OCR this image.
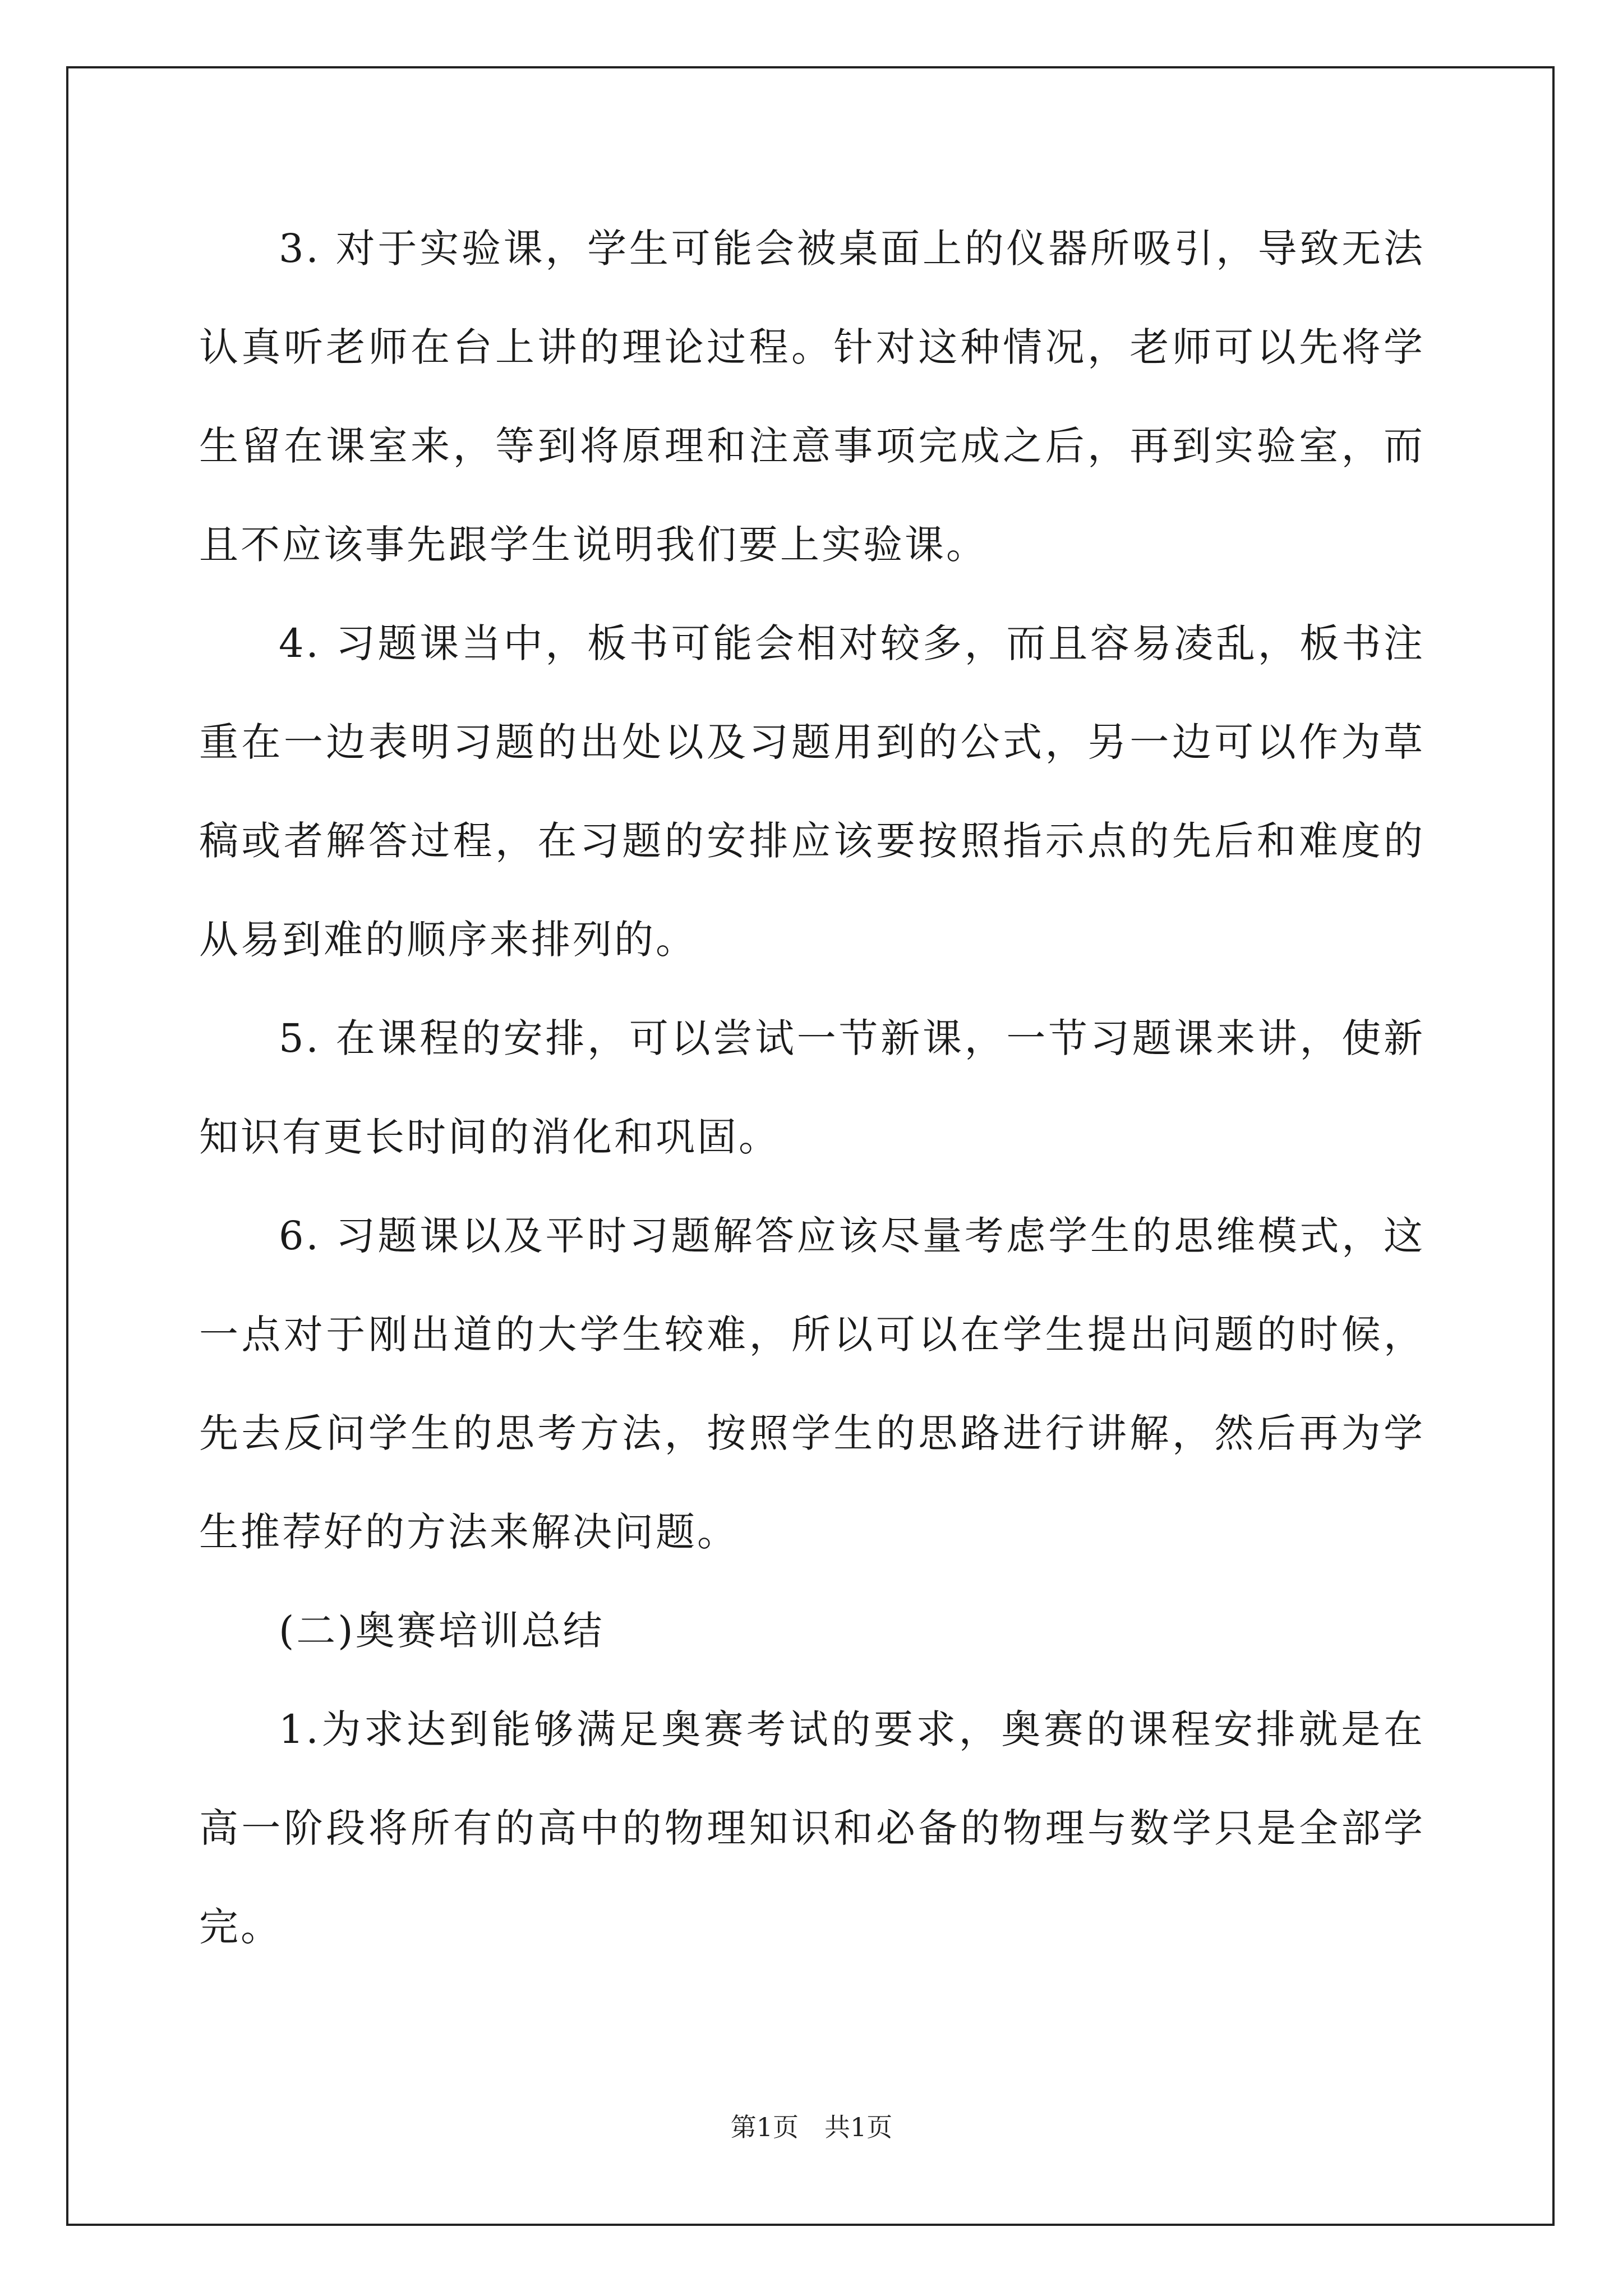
3. 对于实验课，学生可能会被桌面上的仪器所吸引，导致无法认真听老师在台上讲的理论过程。针对这种情况，老师可以先将学生留在课室来，等到将原理和注意事项完成之后，再到实验室，而且不应该事先跟学生说明我们要上实验课。

4. 习题课当中，板书可能会相对较多，而且容易凌乱，板书注重在一边表明习题的出处以及习题用到的公式，另一边可以作为草稿或者解答过程，在习题的安排应该要按照指示点的先后和难度的从易到难的顺序来排列的。

5. 在课程的安排，可以尝试一节新课，一节习题课来讲，使新知识有更长时间的消化和巩固。

6. 习题课以及平时习题解答应该尽量考虑学生的思维模式，这一点对于刚出道的大学生较难，所以可以在学生提出问题的时候，先去反问学生的思考方法，按照学生的思路进行讲解，然后再为学生推荐好的方法来解决问题。

(二)奥赛培训总结

1.为求达到能够满足奥赛考试的要求，奥赛的课程安排就是在高一阶段将所有的高中的物理知识和必备的物理与数学只是全部学完。

第1页　共1页
